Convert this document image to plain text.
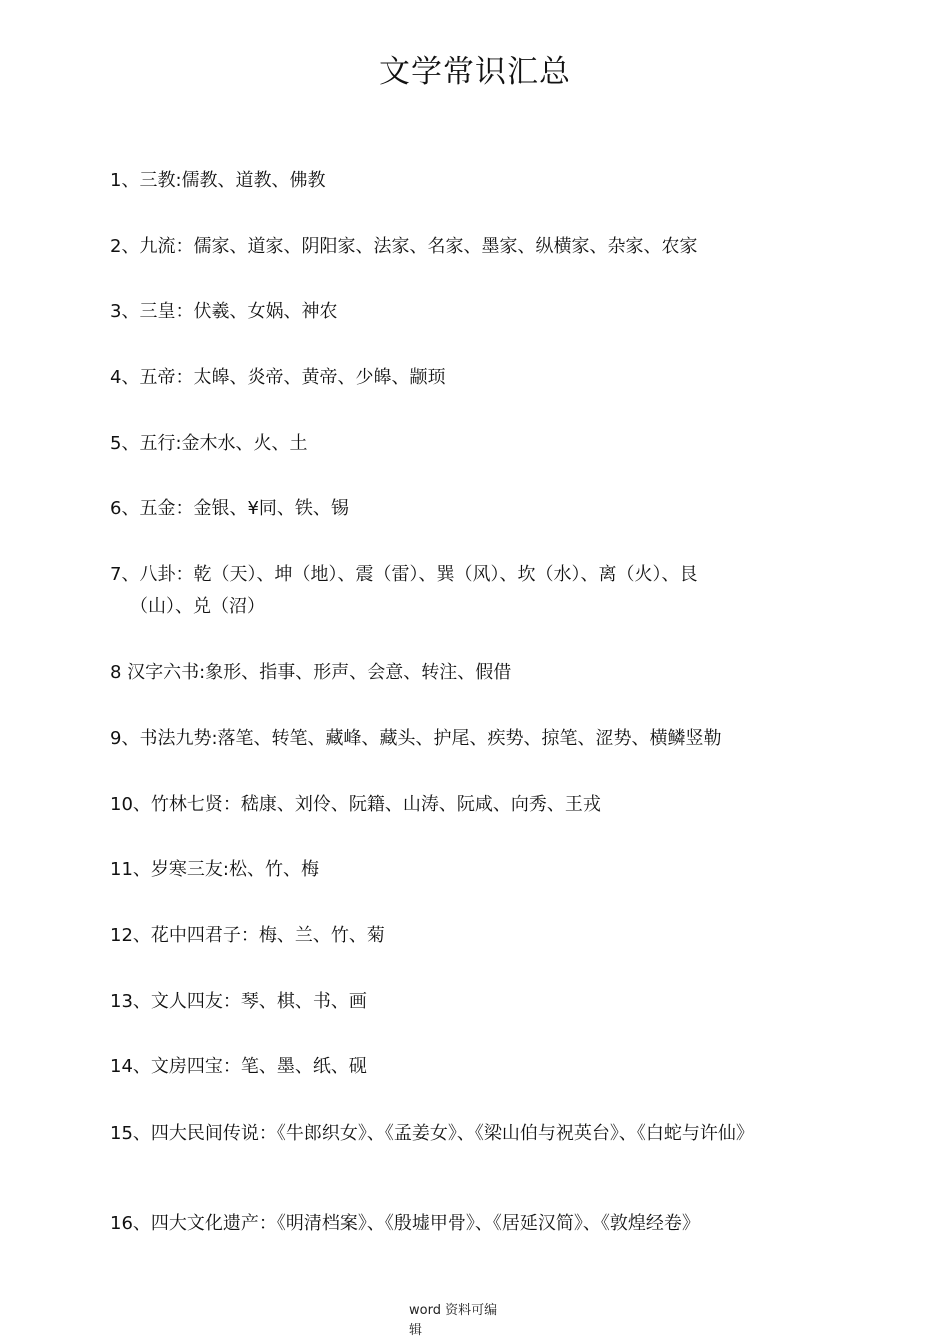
文学常识汇总
1、三教:儒教、道教、佛教
2、九流：儒家、道家、阴阳家、法家、名家、墨家、纵横家、杂家、农家
3、三皇：伏羲、女娲、神农
4、五帝：太皞、炎帝、黄帝、少皞、颛顼
5、五行:金木水、火、土
6、五金：金银、¥同、铁、锡
7、八卦：乾（天）、坤（地）、震（雷）、巽（风）、坎（水）、离（火）、艮
（山）、兑（沼）
8 汉字六书:象形、指事、形声、会意、转注、假借
9、书法九势:落笔、转笔、藏峰、藏头、护尾、疾势、掠笔、涩势、横鳞竖勒
10、竹林七贤：嵇康、刘伶、阮籍、山涛、阮咸、向秀、王戎
11、岁寒三友:松、竹、梅
12、花中四君子：梅、兰、竹、菊
13、文人四友：琴、棋、书、画
14、文房四宝：笔、墨、纸、砚
15、四大民间传说：《牛郎织女》、《孟姜女》、《梁山伯与祝英台》、《白蛇与许仙》
16、四大文化遗产：《明清档案》、《殷墟甲骨》、《居延汉简》、《敦煌经卷》
word 资料可编
辑
